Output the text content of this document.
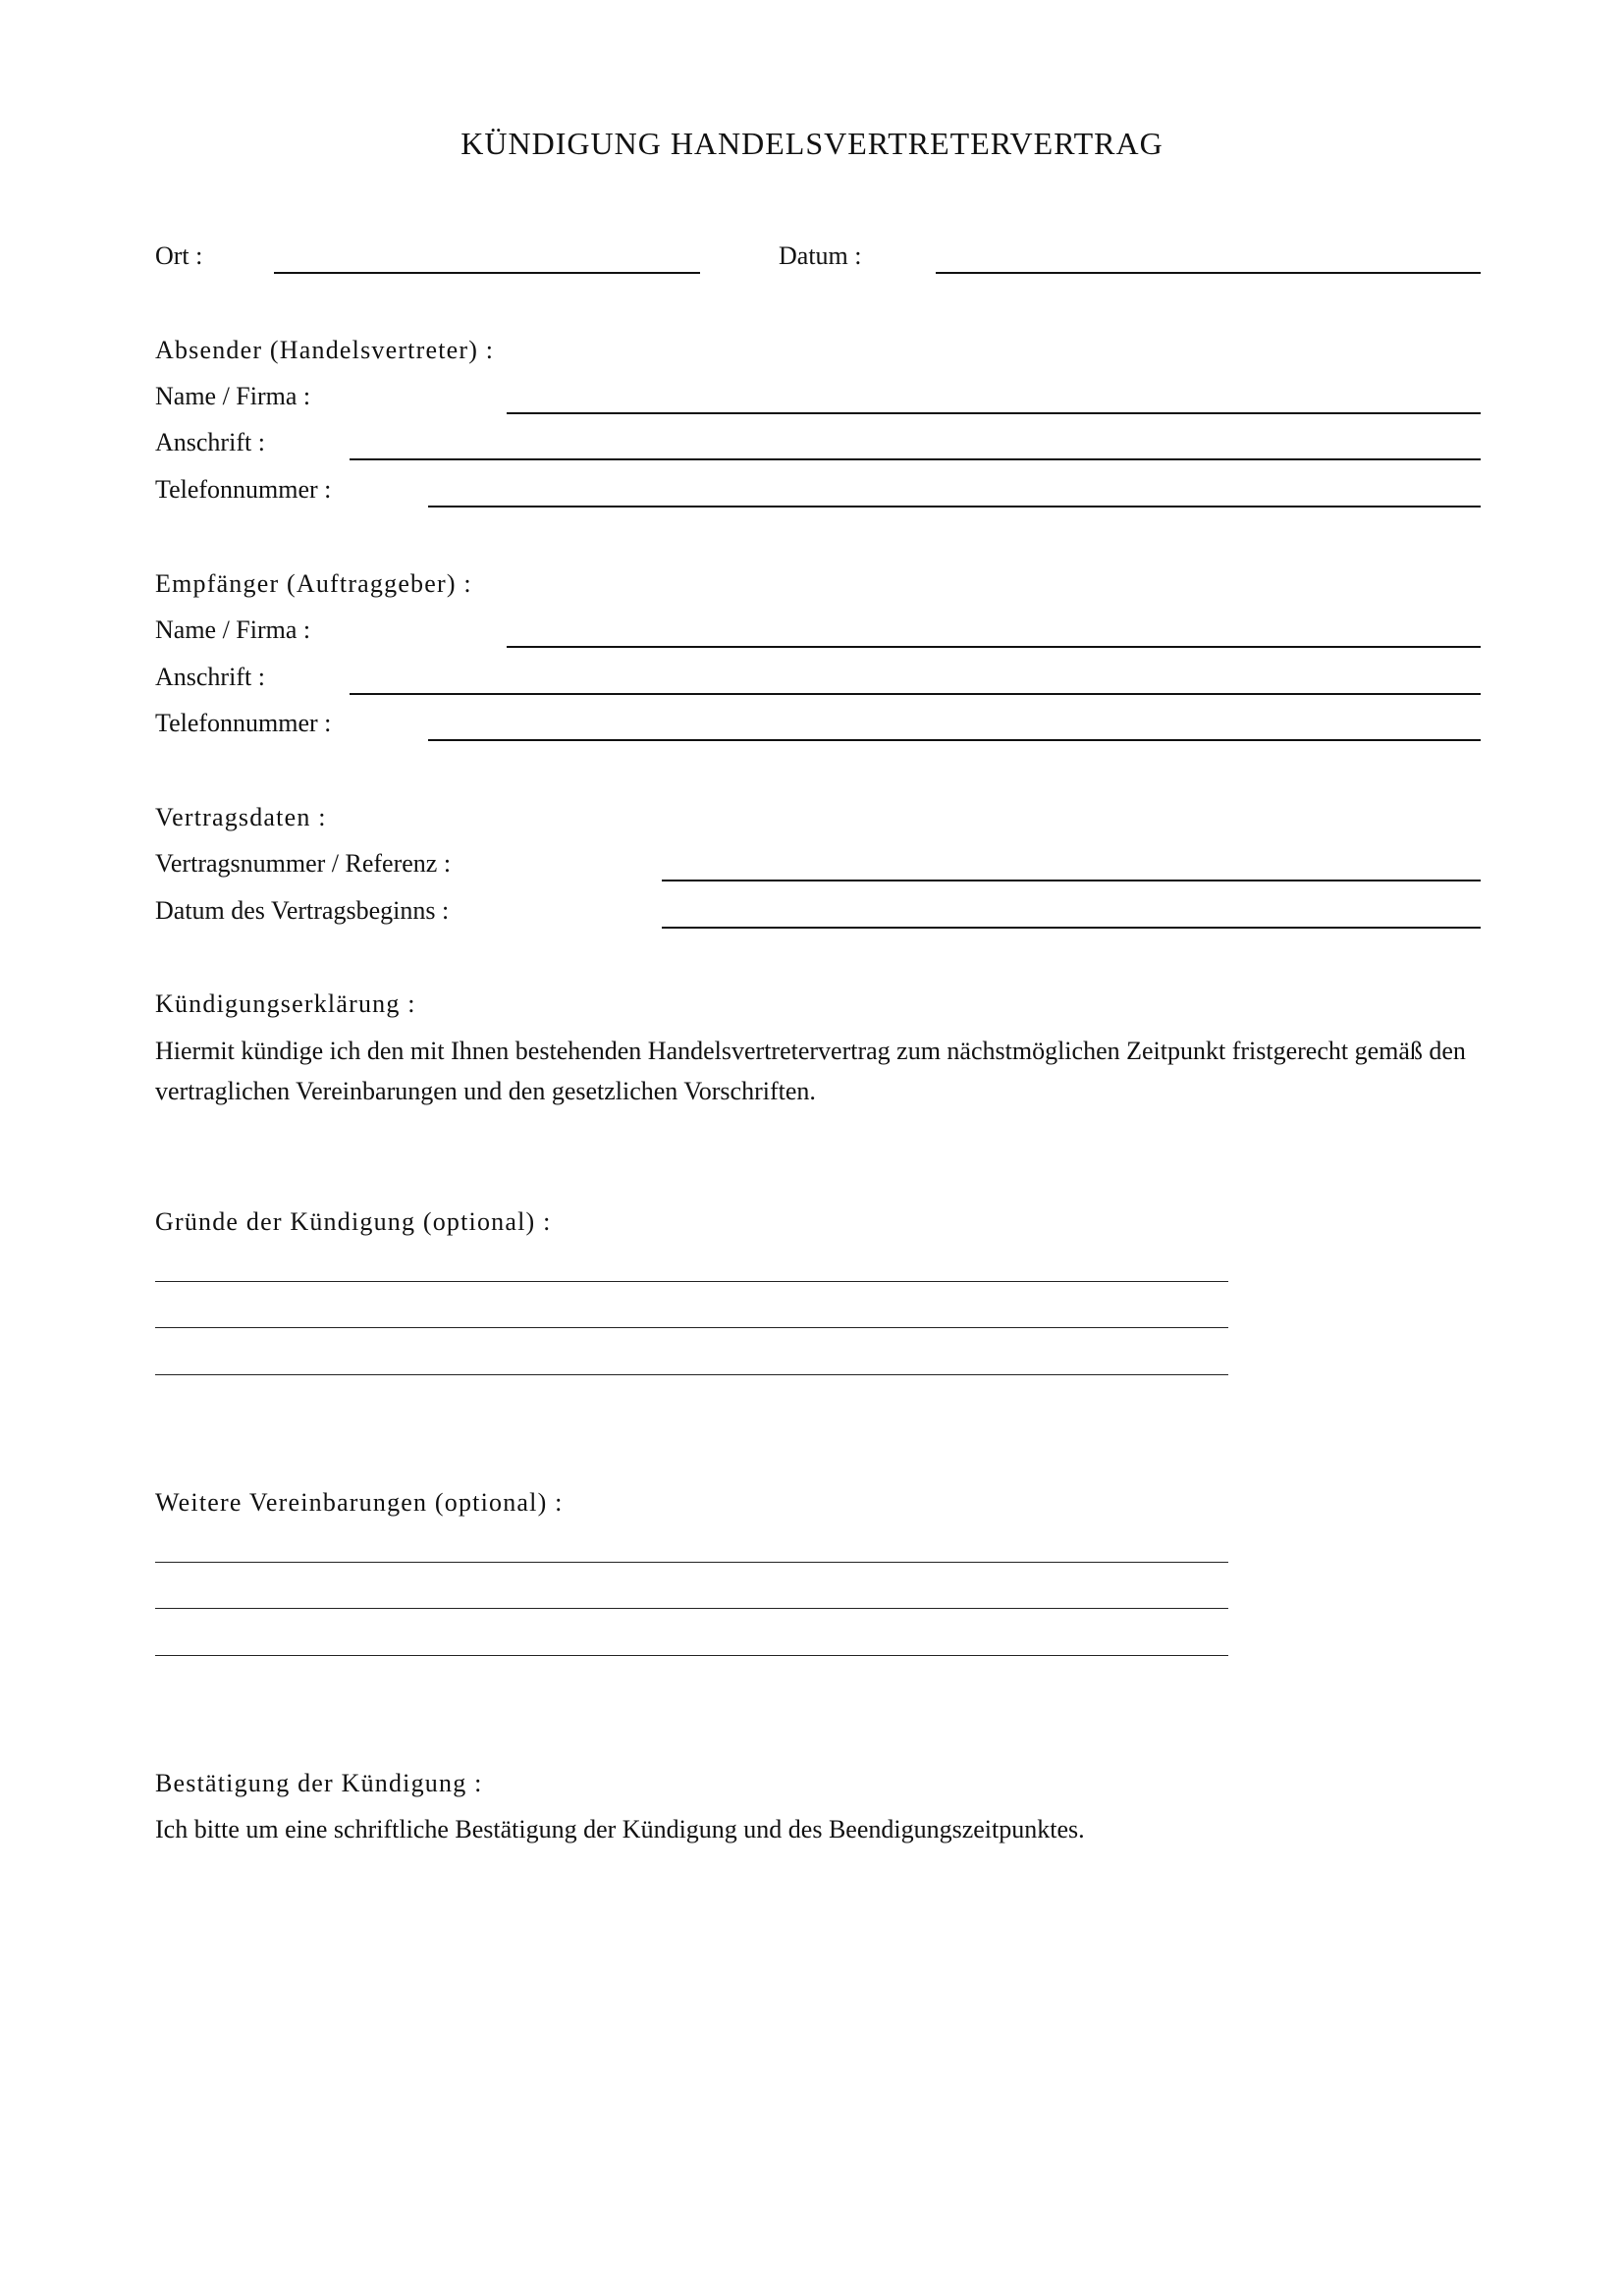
KÜNDIGUNG HANDELSVERTRETERVERTRAG
Ort :	Datum :
Absender (Handelsvertreter) :
Name / Firma :
Anschrift :
Telefonnummer :
Empfänger (Auftraggeber) :
Name / Firma :
Anschrift :
Telefonnummer :
Vertragsdaten :
Vertragsnummer / Referenz :
Datum des Vertragsbeginns :
Kündigungserklärung :
Hiermit kündige ich den mit Ihnen bestehenden Handelsvertretervertrag zum nächstmöglichen Zeitpunkt fristgerecht gemäß den vertraglichen Vereinbarungen und den gesetzlichen Vorschriften.
Gründe der Kündigung (optional) :
Weitere Vereinbarungen (optional) :
Bestätigung der Kündigung :
Ich bitte um eine schriftliche Bestätigung der Kündigung und des Beendigungszeitpunktes.
